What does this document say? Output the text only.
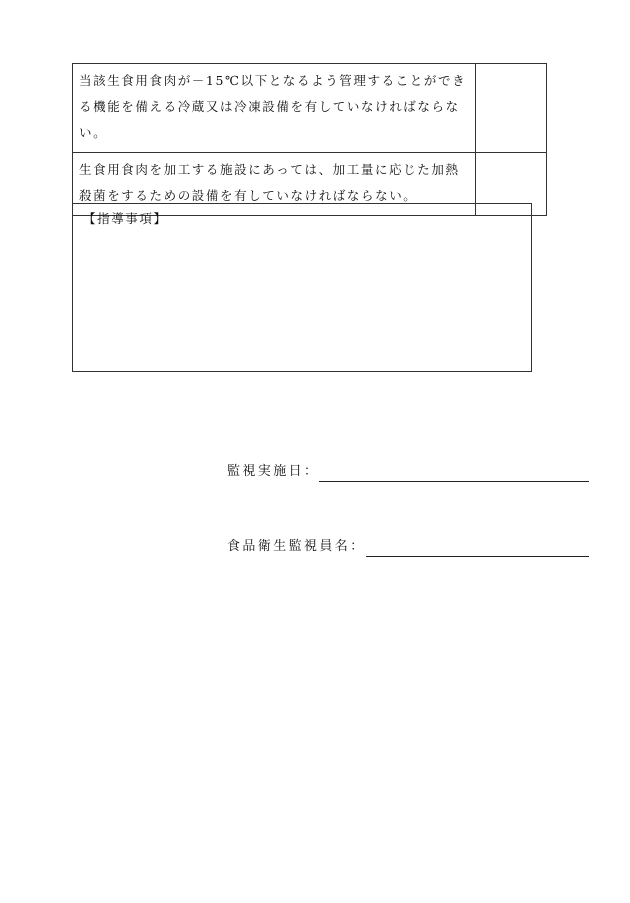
当該生食用食肉が－15℃以下となるよう管理することができる機能を備える冷蔵又は冷凍設備を有していなければならない。	
生食用食肉を加工する施設にあっては、加工量に応じた加熱殺菌をするための設備を有していなければならない。	
【指導事項】
監視実施日：
食品衛生監視員名：
